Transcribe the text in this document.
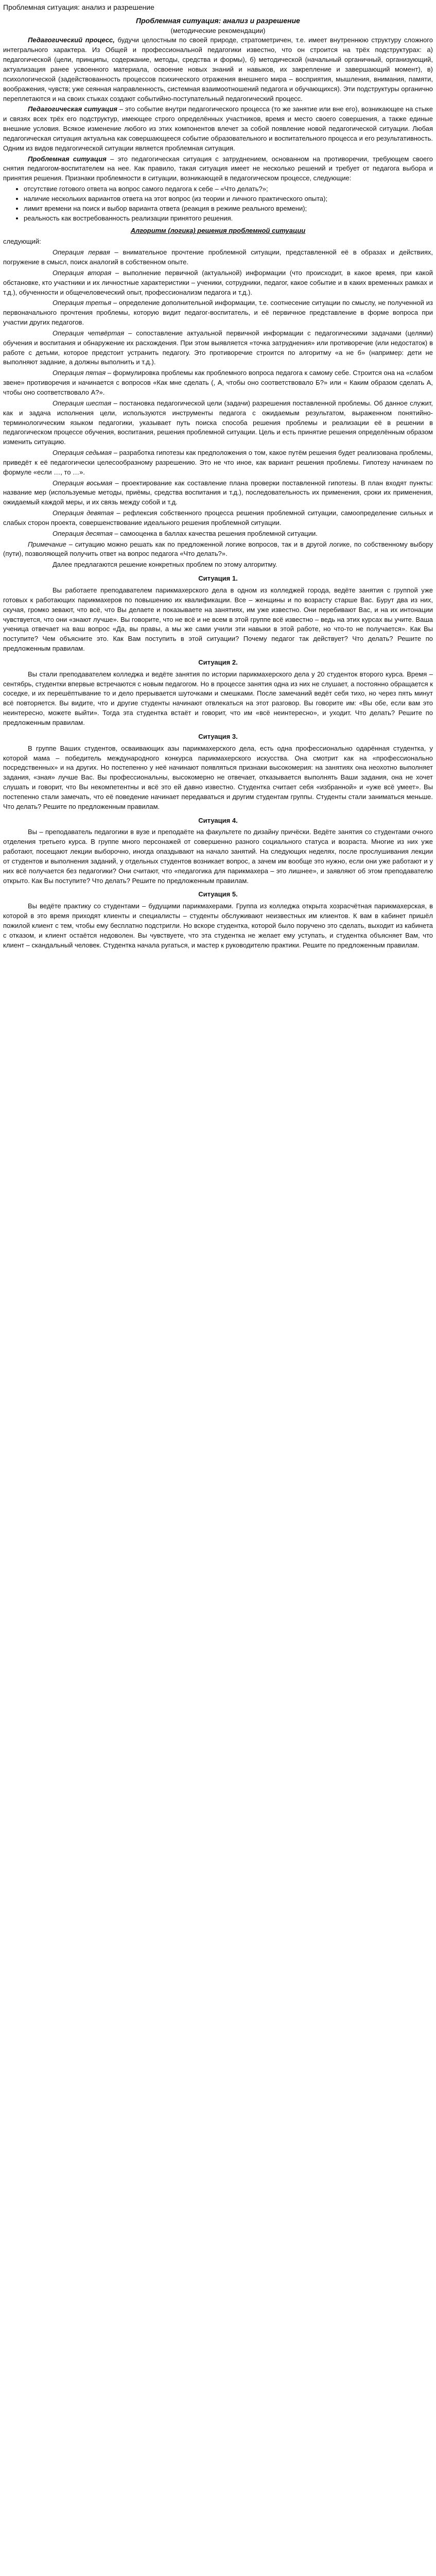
Проблемная ситуация: анализ и разрешение
Проблемная ситуация: анализ и разрешение
(методические рекомендации)

Педагогический процесс, будучи целостным по своей природе, стратометричен, т.е. имеет внутреннюю структуру сложного интегрального характера. Из Общей и профессиональной педагогики известно, что он строится на трёх подструктурах: а) педагогической (цели, принципы, содержание, методы, средства и формы), б) методической (начальный органичный, организующий, актуализация ранее усвоенного материала, освоение новых знаний и навыков, их закрепление и завершающий момент), в) психологической (задействованность процессов психического отражения внешнего мира – восприятия, мышления, внимания, памяти, воображения, чувств; уже сеянная направленность, системная взаимоотношений педагога и обучающихся). Эти подструктуры органично переплетаются и на своих стыках создают событийно-поступательный педагогический процесс.

Педагогическая ситуация – это событие внутри педагогического процесса (то же занятие или вне его), возникающее на стыке и связях всех трёх его подструктур, имеющее строго определённых участников, время и место своего совершения, а также единые внешние условия. Всякое изменение любого из этих компонентов влечет за собой появление новой педагогической ситуации. Любая педагогическая ситуация актуальна как совершающееся событие образовательного и воспитательного процесса и его результативность. Одним из видов педагогической ситуации является проблемная ситуация.

Проблемная ситуация – это педагогическая ситуация с затруднением, основанном на противоречии, требующем своего снятия педагогом-воспитателем на нее. Как правило, такая ситуация имеет не несколько решений и требует от педагога выбора и принятия решения. Признаки проблемности в ситуации, возникающей в педагогическом процессе, следующие:

• отсутствие готового ответа на вопрос самого педагога к себе – «Что делать?»;
• наличие нескольких вариантов ответа на этот вопрос (из теории и личного практического опыта);
• лимит времени на поиск и выбор варианта ответа (реакция в режиме реального времени);
• реальность как востребованность реализации принятого решения.
Алгоритм (логика) решения проблемной ситуации

следующий:

Операция первая – внимательное прочтение проблемной ситуации, представленной её в образах и действиях, погружение в смысл, поиск аналогий в собственном опыте.

Операция вторая – выполнение первичной (актуальной) информации (что происходит, в какое время, при какой обстановке, кто участники и их личностные характеристики – ученики, сотрудники, педагог, какое событие и в каких временных рамках и т.д.), обученности и общечеловеческий опыт, профессионализм педагога и т.д.).

Операция третья – определение дополнительной информации, т.е. соотнесение ситуации по смыслу, не полученной из первоначального прочтения проблемы, которую видит педагог-воспитатель, и её первичное представление в форме вопроса при участии других педагогов.

Операция четвёртая – сопоставление актуальной первичной информации с педагогическими задачами (целями) обучения и воспитания и обнаружение их расхождения. При этом выявляется «точка затруднения» или противоречие (или недостаток) в работе с детьми, которое предстоит устранить педагогу. Это противоречие строится по алгоритму «а не б» (например: дети не выполняют задание, а должны выполнить и т.д.).

Операция пятая – формулировка проблемы как проблемного вопроса педагога к самому себе. Строится она на «слабом звене» противоречия и начинается с вопросов «Как мне сделать (, А, чтобы оно соответствовало Б?» или « Каким образом сделать А, чтобы оно соответствовало А?».

Операция шестая – постановка педагогической цели (задачи) разрешения поставленной проблемы. Об данное служит, как и задача исполнения цели, используются инструменты педагога с ожидаемым результатом, выраженном понятийно-терминологическим языком педагогики, указывает путь поиска способа решения проблемы и реализации её в решении в педагогическом процессе обучения, воспитания, решения проблемной ситуации. Цель и есть принятие решения определённым образом изменить ситуацию.

Операция седьмая – разработка гипотезы как предположения о том, какое путём решения будет реализована проблемы, приведёт к её педагогически целесообразному разрешению. Это не что иное, как вариант решения проблемы. Гипотезу начинаем по формуле «если …, то …».

Операция восьмая – проектирование как составление плана проверки поставленной гипотезы. В план входят пункты: название мер (используемые методы, приёмы, средства воспитания и т.д.), последовательность их применения, сроки их применения, ожидаемый каждой меры, и их связь между собой и т.д.

Операция девятая – рефлексия собственного процесса решения проблемной ситуации, самоопределение сильных и слабых сторон проекта, совершенствование идеального решения проблемной ситуации.

Операция десятая – самооценка в баллах качества решения проблемной ситуации.

Примечание – ситуацию можно решать как по предложенной логике вопросов, так и в другой логике, по собственному выбору (пути), позволяющей получить ответ на вопрос педагога «Что делать?».

Далее предлагаются решение конкретных проблем по этому алгоритму.

Ситуация 1.

Вы работаете преподавателем парикмахерского дела в одном из колледжей города, ведёте занятия с группой уже готовых к работающих парикмахеров по повышению их квалификации. Все – женщины и по возрасту старше Вас. Бурут два из них, скучая, громко зевают, что всё, что Вы делаете и показываете на занятиях, им уже известно. Они перебивают Вас, и на их интонации чувствуется, что они «знают лучше». Вы говорите, что не всё и не всем в этой группе всё известно – ведь на этих курсах вы учите. Ваша ученица отвечает на ваш вопрос «Да, вы правы, а мы же сами учили эти навыки в этой работе, но что-то не получается». Как Вы поступите? Чем объясните это. Как Вам поступить в этой ситуации? Почему педагог так действует? Что делать? Решите по предложенным правилам.

Ситуация 2.

Вы стали преподавателем колледжа и ведёте занятия по истории парикмахерского дела у 20 студенток второго курса. Время – сентябрь, студентки впервые встречаются с новым педагогом. Но в процессе занятия одна из них не слушает, а постоянно обращается к соседке, и их перешёптывание то и дело прерывается шуточками и смешками. После замечаний ведёт себя тихо, но через пять минут всё повторяется. Вы видите, что и другие студенты начинают отвлекаться на этот разговор. Вы говорите им: «Вы обе, если вам это неинтересно, можете выйти». Тогда эта студентка встаёт и говорит, что им «всё неинтересно», и уходит. Что делать? Решите по предложенным правилам.

Ситуация 3.

В группе Ваших студентов, осваивающих азы парикмахерского дела, есть одна профессионально одарённая студентка, у которой мама – победитель международного конкурса парикмахерского искусства. Она смотрит как на «профессионально посредственных» и на других. Но постепенно у неё начинают появляться признаки высокомерия: на занятиях она неохотно выполняет задания, «зная» лучше Вас. Вы профессиональны, высокомерно не отвечает, отказывается выполнять Ваши задания, она не хочет слушать и говорит, что Вы некомпетентны и всё это ей давно известно. Студентка считает себя «избранной» и «уже всё умеет». Вы постепенно стали замечать, что её поведение начинает передаваться и другим студентам группы. Студенты стали заниматься меньше. Что делать? Решите по предложенным правилам.

Ситуация 4.

Вы – преподаватель педагогики в вузе и преподаёте на факультете по дизайну причёски. Ведёте занятия со студентами очного отделения третьего курса. В группе много персонажей от совершенно разного социального статуса и возраста. Многие из них уже работают, посещают лекции выборочно, иногда опаздывают на начало занятий. На следующих неделях, после прослушивания лекции от студентов и выполнения заданий, у отдельных студентов возникает вопрос, а зачем им вообще это нужно, если они уже работают и у них всё получается без педагогики? Они считают, что «педагогика для парикмахера – это лишнее», и заявляют об этом преподавателю открыто. Как Вы поступите? Что делать? Решите по предложенным правилам.

Ситуация 5.

Вы ведёте практику со студентами – будущими парикмахерами. Группа из колледжа открыта хозрасчётная парикмахерская, в которой в это время приходят клиенты и специалисты – студенты обслуживают неизвестных им клиентов. К вам в кабинет пришёл пожилой клиент с тем, чтобы ему бесплатно подстригли. Но вскоре студентка, которой было поручено это сделать, выходит из кабинета с отказом, и клиент остаётся недоволен. Вы чувствуете, что эта студентка не желает ему уступать, и студентка объясняет Вам, что клиент – скандальный человек. Студентка начала ругаться, и мастер к руководителю практики. Решите по предложенным правилам.
